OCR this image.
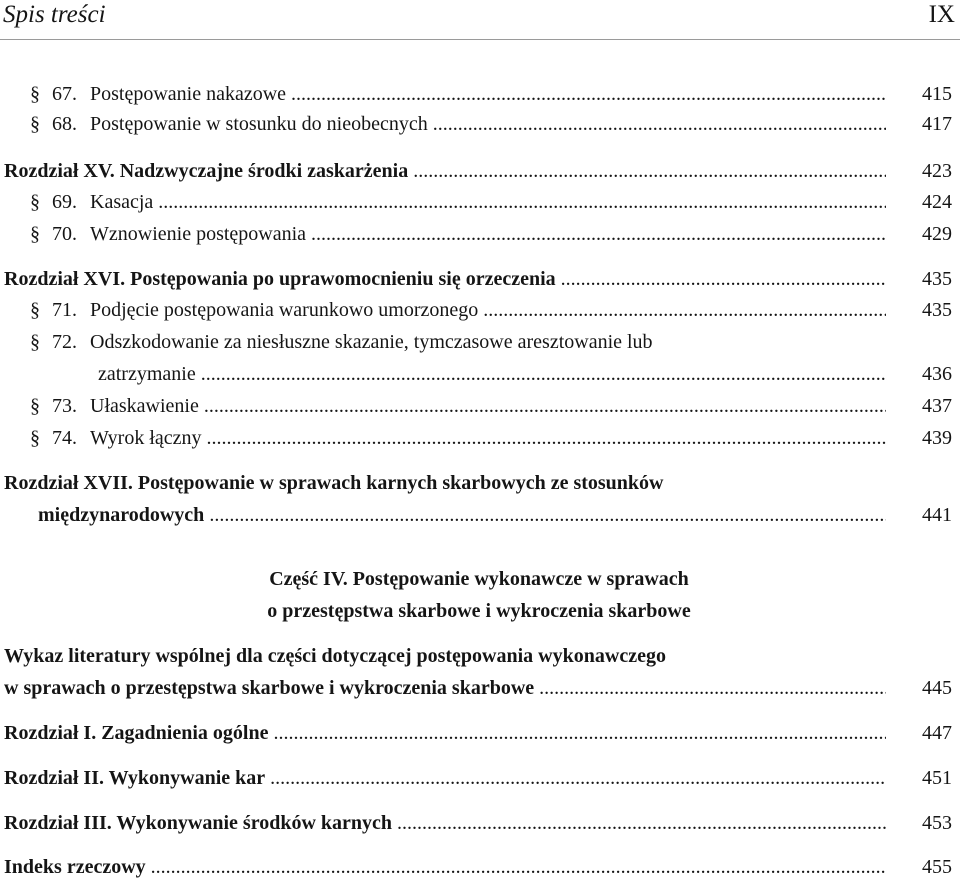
Spis treści	IX
§ 67. Postępowanie nakazowe .....	415
§ 68. Postępowanie w stosunku do nieobecnych .....	417
Rozdział XV. Nadzwyczajne środki zaskarżenia .....	423
§ 69. Kasacja .....	424
§ 70. Wznowienie postępowania .....	429
Rozdział XVI. Postępowania po uprawomocnieniu się orzeczenia .....	435
§ 71. Podjęcie postępowania warunkowo umorzonego .....	435
§ 72. Odszkodowanie za niesłuszne skazanie, tymczasowe aresztowanie lub
zatrzymanie .....	436
§ 73. Ułaskawienie .....	437
§ 74. Wyrok łączny .....	439
Rozdział XVII. Postępowanie w sprawach karnych skarbowych ze stosunków
międzynarodowych .....	441
Część IV. Postępowanie wykonawcze w sprawach
o przestępstwa skarbowe i wykroczenia skarbowe
Wykaz literatury wspólnej dla części dotyczącej postępowania wykonawczego
w sprawach o przestępstwa skarbowe i wykroczenia skarbowe .....	445
Rozdział I. Zagadnienia ogólne .....	447
Rozdział II. Wykonywanie kar .....	451
Rozdział III. Wykonywanie środków karnych .....	453
Indeks rzeczowy .....	455
